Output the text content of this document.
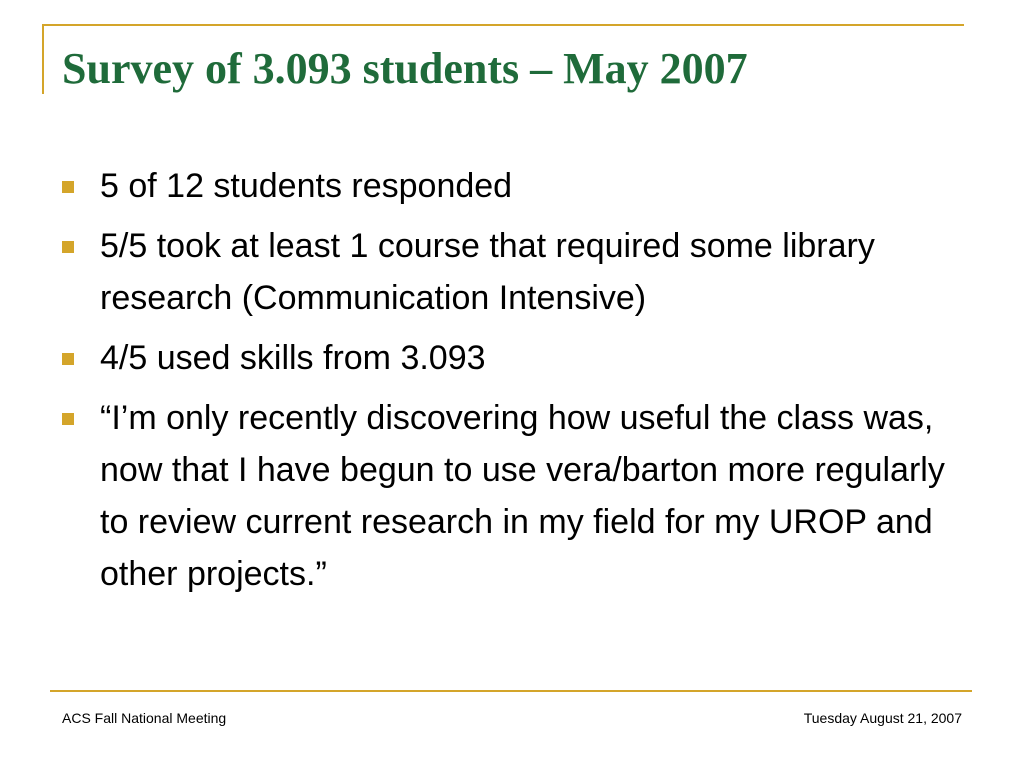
Survey of 3.093 students – May 2007
5 of 12 students responded
5/5 took at least 1 course that required some library research (Communication Intensive)
4/5 used skills from 3.093
“I’m only recently discovering how useful the class was, now that I have begun to use vera/barton more regularly to review current research in my field for my UROP and other projects.”
ACS Fall National Meeting	Tuesday August 21, 2007
